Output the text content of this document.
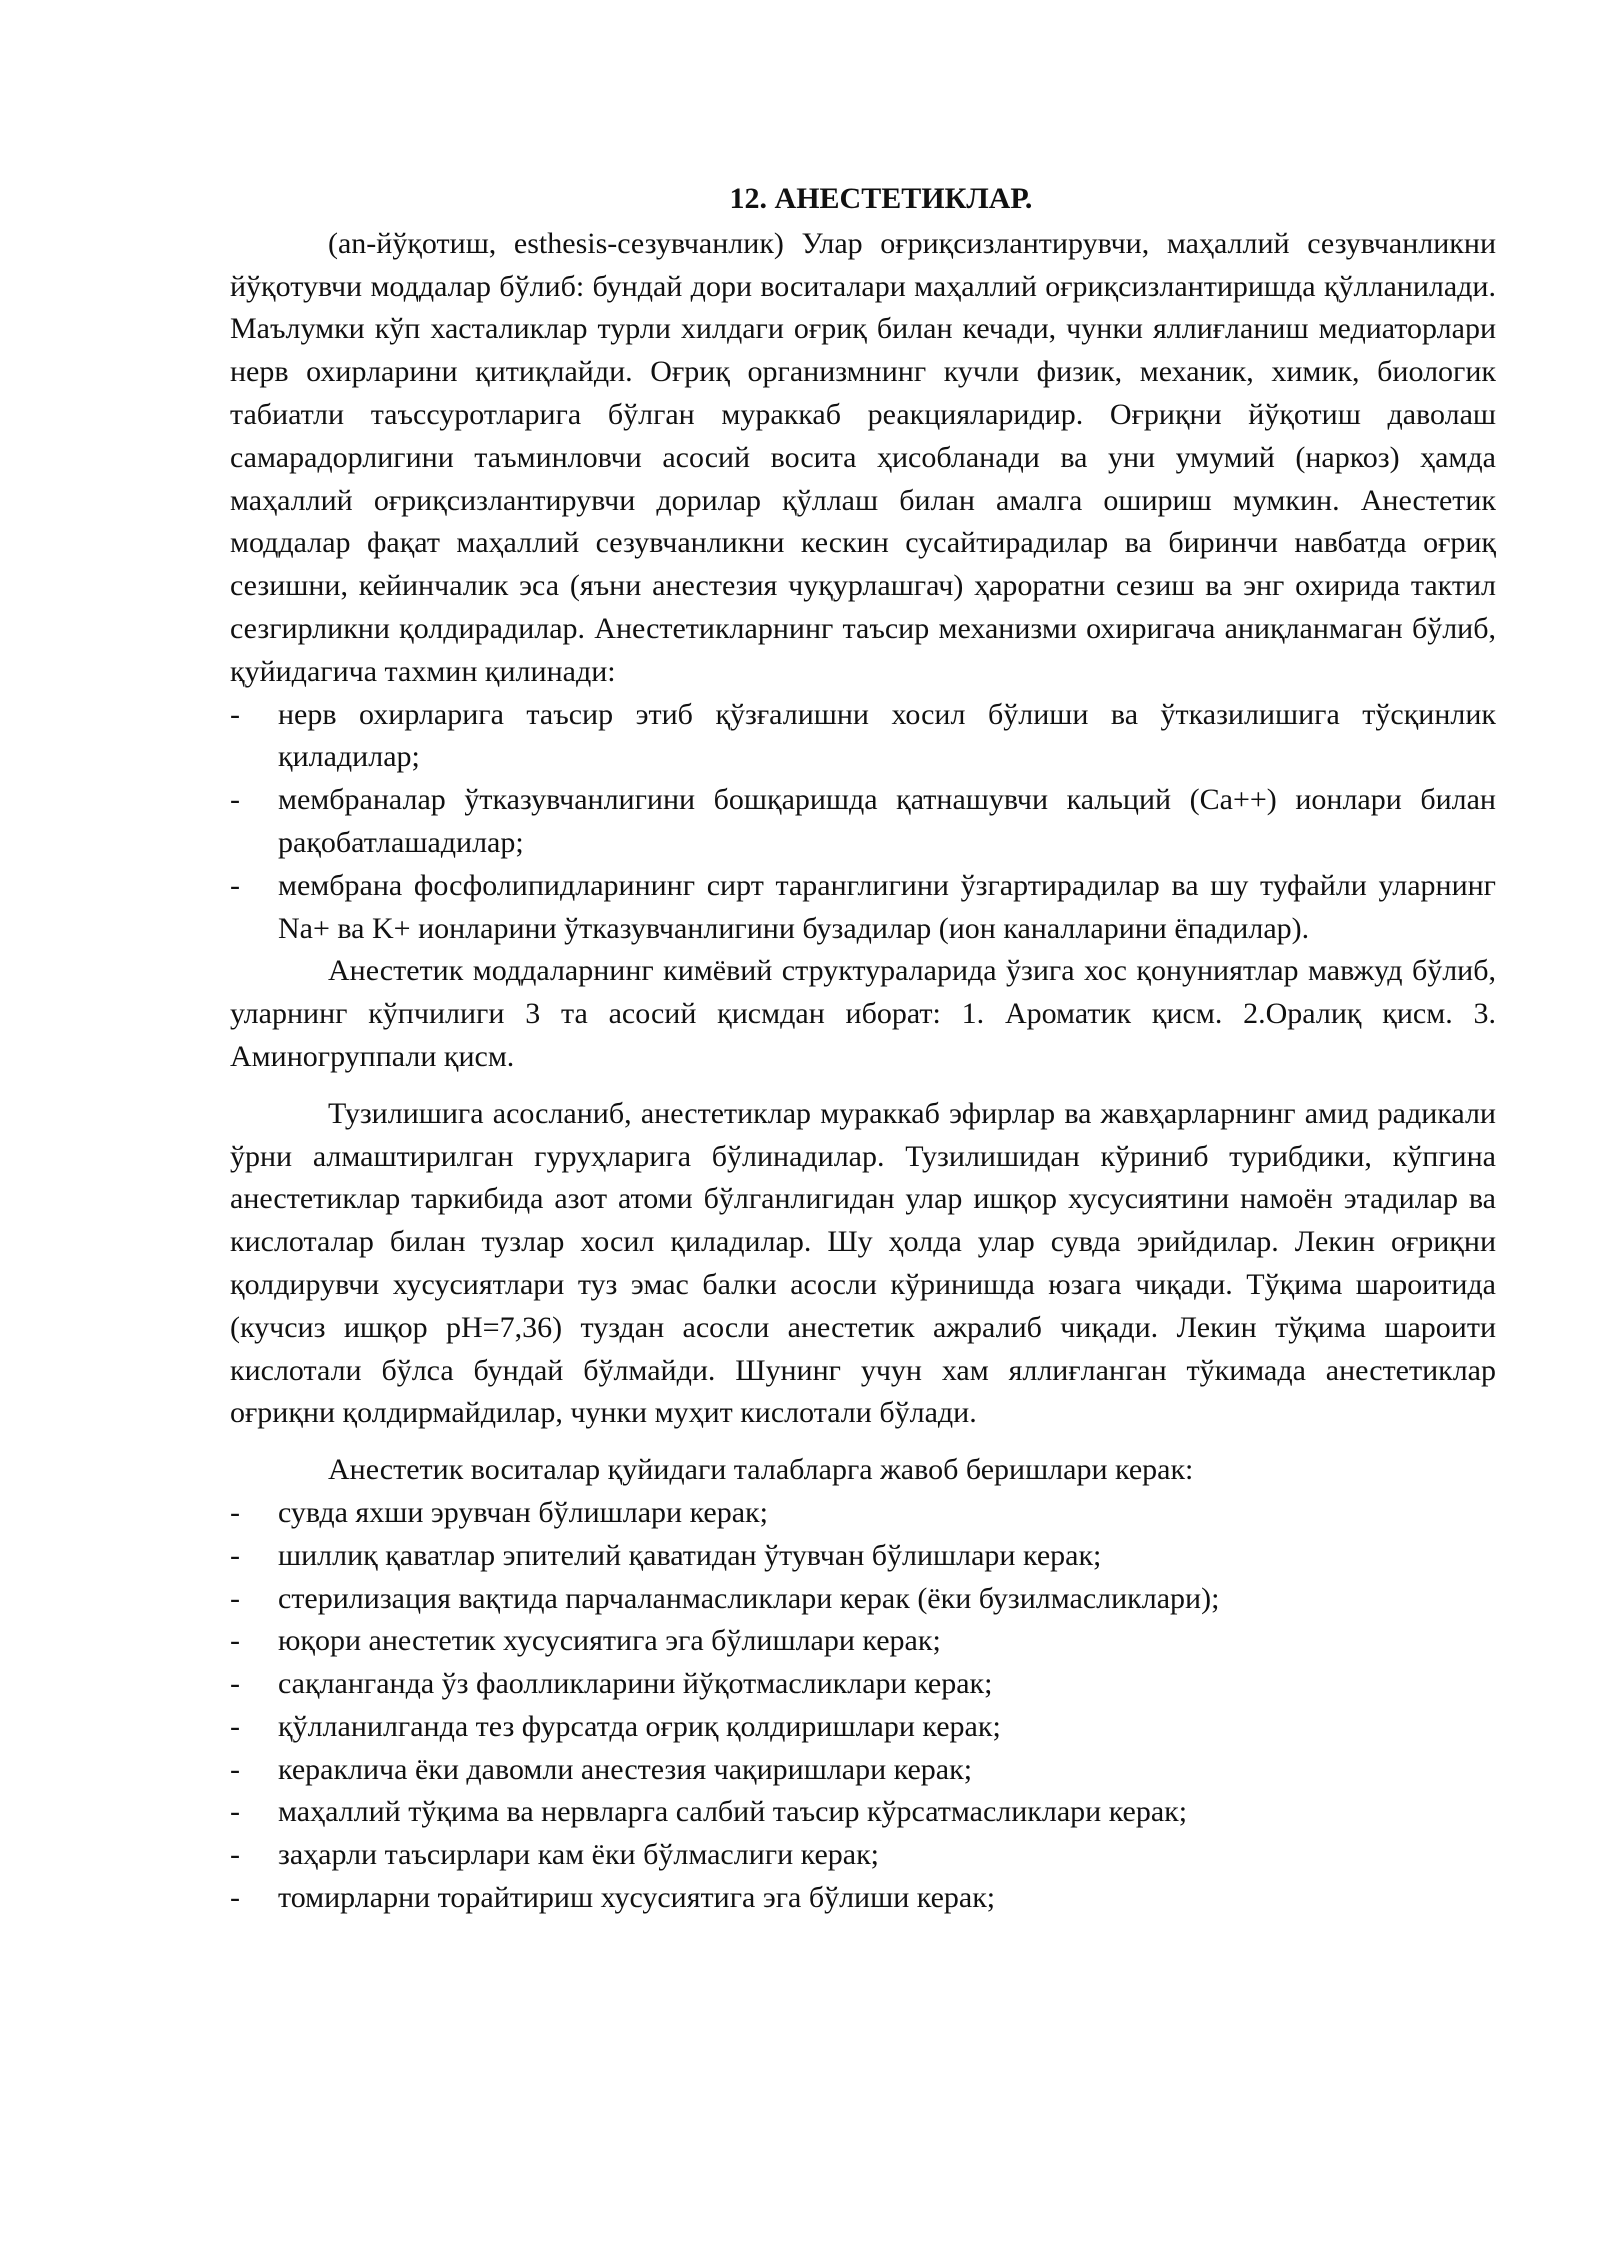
12. АНЕСТЕТИКЛАР.

(an-йўқотиш, esthesis-сезувчанлик) Улар оғриқсизлантирувчи, маҳаллий сезувчанликни йўқотувчи моддалар бўлиб: бундай дори воситалари маҳаллий оғриқсизлантиришда қўлланилади. Маълумки кўп хасталиклар турли хилдаги оғриқ билан кечади, чунки яллиғланиш медиаторлари нерв охирларини қитиқлайди. Оғриқ организмнинг кучли физик, механик, химик, биологик табиатли таъссуротларига бўлган мураккаб реакцияларидир. Оғриқни йўқотиш даволаш самарадорлигини таъминловчи асосий восита ҳисобланади ва уни умумий (наркоз) ҳамда маҳаллий оғриқсизлантирувчи дорилар қўллаш билан амалга ошириш мумкин. Анестетик моддалар фақат маҳаллий сезувчанликни кескин сусайтирадилар ва биринчи навбатда оғриқ сезишни, кейинчалик эса (яъни анестезия чуқурлашгач) ҳароратни сезиш ва энг охирида тактил сезгирликни қолдирадилар. Анестетикларнинг таъсир механизми охиригача аниқланмаган бўлиб, қуйидагича тахмин қилинади:

- нерв охирларига таъсир этиб қўзғалишни хосил бўлиши ва ўтказилишига тўсқинлик қиладилар;
- мембраналар ўтказувчанлигини бошқаришда қатнашувчи кальций (Ca++) ионлари билан рақобатлашадилар;
- мембрана фосфолипидларининг сирт таранглигини ўзгартирадилар ва шу туфайли уларнинг Na+ ва K+ ионларини ўтказувчанлигини бузадилар (ион каналларини ёпадилар).

Анестетик моддаларнинг кимёвий структураларида ўзига хос қонуниятлар мавжуд бўлиб, уларнинг кўпчилиги 3 та асосий қисмдан иборат: 1. Ароматик қисм. 2.Оралиқ қисм. 3. Аминогруппали қисм.

Тузилишига асосланиб, анестетиклар мураккаб эфирлар ва жавҳарларнинг амид радикали ўрни алмаштирилган гуруҳларига бўлинадилар. Тузилишидан кўриниб турибдики, кўпгина анестетиклар таркибида азот атоми бўлганлигидан улар ишқор хусусиятини намоён этадилар ва кислоталар билан тузлар хосил қиладилар. Шу ҳолда улар сувда эрийдилар. Лекин оғриқни қолдирувчи хусусиятлари туз эмас балки асосли кўринишда юзага чиқади. Тўқима шароитида (кучсиз ишқор pH=7,36) туздан асосли анестетик ажралиб чиқади. Лекин тўқима шароити кислотали бўлса бундай бўлмайди. Шунинг учун хам яллиғланган тўкимада анестетиклар оғриқни қолдирмайдилар, чунки муҳит кислотали бўлади.

Анестетик воситалар қуйидаги талабларга жавоб беришлари керак:

- сувда яхши эрувчан бўлишлари керак;
- шиллиқ қаватлар эпителий қаватидан ўтувчан бўлишлари керак;
- стерилизация вақтида парчаланмасликлари керак (ёки бузилмасликлари);
- юқори анестетик хусусиятига эга бўлишлари керак;
- сақланганда ўз фаолликларини йўқотмасликлари керак;
- қўлланилганда тез фурсатда оғриқ қолдиришлари керак;
- кераклича ёки давомли анестезия чақиришлари керак;
- маҳаллий тўқима ва нервларга салбий таъсир кўрсатмасликлари керак;
- заҳарли таъсирлари кам ёки бўлмаслиги керак;
- томирларни торайтириш хусусиятига эга бўлиши керак;
